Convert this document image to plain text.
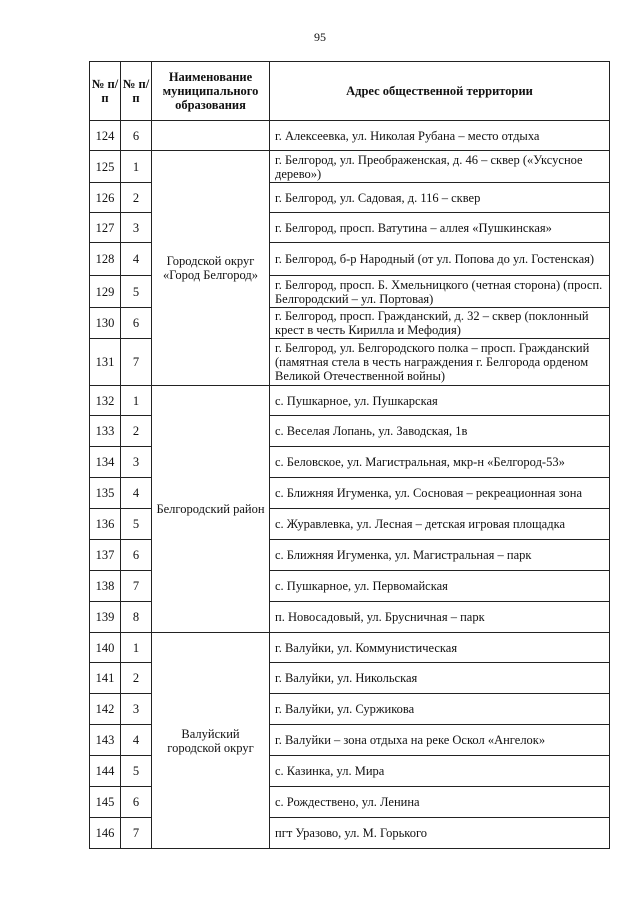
95
№ п/п	№ п/п	Наименование муниципального образования	Адрес общественной территории
124	6		г. Алексеевка, ул. Николая Рубана – место отдыха
125	1	Городской округ «Город Белгород»	г. Белгород, ул. Преображенская, д. 46 – сквер («Уксусное дерево»)
126	2		г. Белгород, ул. Садовая, д. 116 – сквер
127	3		г. Белгород, просп. Ватутина – аллея «Пушкинская»
128	4		г. Белгород, б-р Народный (от ул. Попова до ул. Гостенская)
129	5		г. Белгород, просп. Б. Хмельницкого (четная сторона) (просп. Белгородский – ул. Портовая)
130	6		г. Белгород, просп. Гражданский, д. 32 – сквер (поклонный крест в честь Кирилла и Мефодия)
131	7		г. Белгород, ул. Белгородского полка – просп. Гражданский (памятная стела в честь награждения г. Белгорода орденом Великой Отечественной войны)
132	1	Белгородский район	с. Пушкарное, ул. Пушкарская
133	2		с. Веселая Лопань, ул. Заводская, 1в
134	3		с. Беловское, ул. Магистральная, мкр-н «Белгород-53»
135	4		с. Ближняя Игуменка, ул. Сосновая – рекреационная зона
136	5		с. Журавлевка, ул. Лесная – детская игровая площадка
137	6		с. Ближняя Игуменка, ул. Магистральная – парк
138	7		с. Пушкарное, ул. Первомайская
139	8		п. Новосадовый, ул. Брусничная – парк
140	1	Валуйский городской округ	г. Валуйки, ул. Коммунистическая
141	2		г. Валуйки, ул. Никольская
142	3		г. Валуйки, ул. Суржикова
143	4		г. Валуйки – зона отдыха на реке Оскол «Ангелок»
144	5		с. Казинка, ул. Мира
145	6		с. Рождествено, ул. Ленина
146	7		пгт Уразово, ул. М. Горького
